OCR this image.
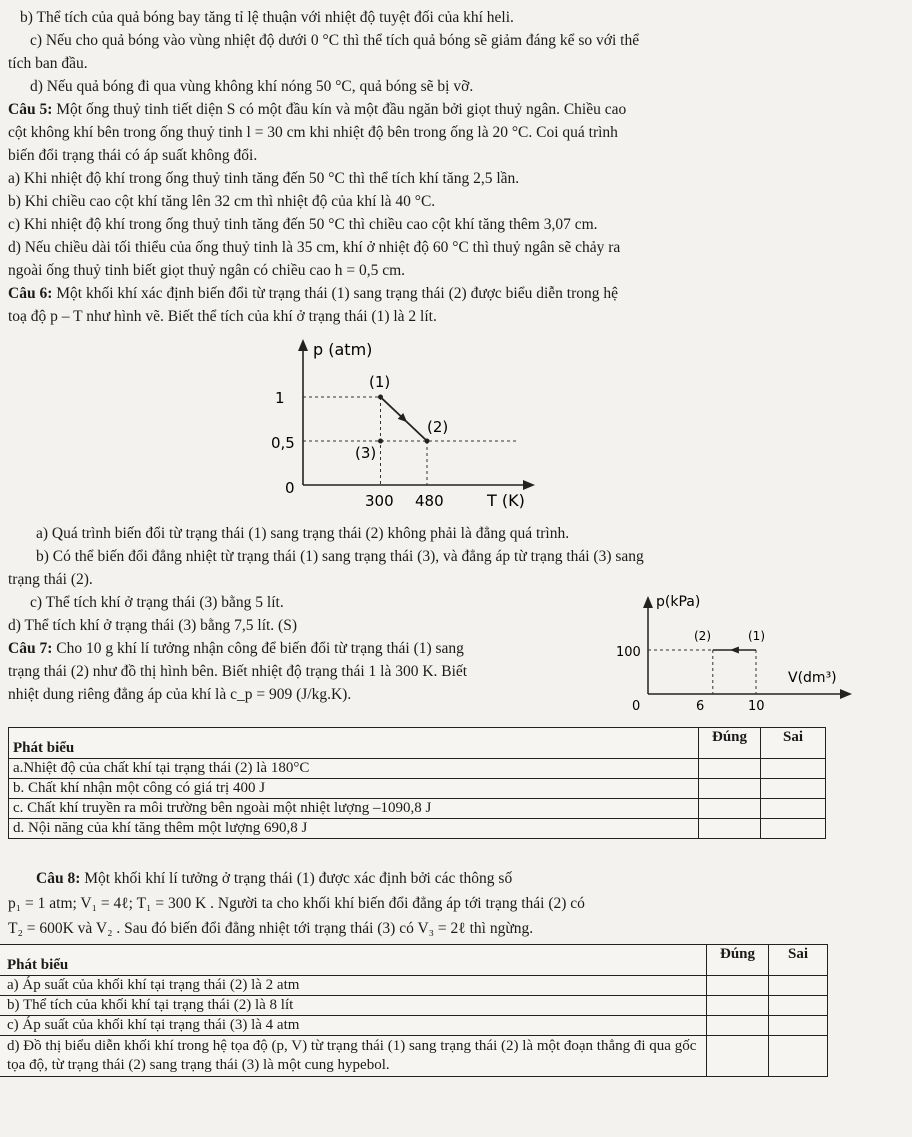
b) Thể tích của quả bóng bay tăng tỉ lệ thuận với nhiệt độ tuyệt đối của khí heli.
c) Nếu cho quả bóng vào vùng nhiệt độ dưới 0 °C thì thể tích quả bóng sẽ giảm đáng kể so với thể
tích ban đầu.
d) Nếu quả bóng đi qua vùng không khí nóng 50 °C, quả bóng sẽ bị vỡ.
Câu 5: Một ống thuỷ tinh tiết diện S có một đầu kín và một đầu ngăn bởi giọt thuỷ ngân. Chiều cao
cột không khí bên trong ống thuỷ tinh l = 30 cm khi nhiệt độ bên trong ống là 20 °C. Coi quá trình
biến đổi trạng thái có áp suất không đổi.
a) Khi nhiệt độ khí trong ống thuỷ tinh tăng đến 50 °C thì thể tích khí tăng 2,5 lần.
b) Khi chiều cao cột khí tăng lên 32 cm thì nhiệt độ của khí là 40 °C.
c) Khi nhiệt độ khí trong ống thuỷ tinh tăng đến 50 °C thì chiều cao cột khí tăng thêm 3,07 cm.
d) Nếu chiều dài tối thiểu của ống thuỷ tinh là 35 cm, khí ở nhiệt độ 60 °C thì thuỷ ngân sẽ chảy ra
ngoài ống thuỷ tinh biết giọt thuỷ ngân có chiều cao h = 0,5 cm.
Câu 6: Một khối khí xác định biến đổi từ trạng thái (1) sang trạng thái (2) được biểu diễn trong hệ
toạ độ p – T như hình vẽ. Biết thể tích của khí ở trạng thái (1) là 2 lít.
p (atm)
T (K)
0
1
0,5
300 480
(1)
(2)
(3)
a) Quá trình biến đổi từ trạng thái (1) sang trạng thái (2) không phải là đẳng quá trình.
b) Có thể biến đổi đẳng nhiệt từ trạng thái (1) sang trạng thái (3), và đẳng áp từ trạng thái (3) sang
trạng thái (2).
c) Thể tích khí ở trạng thái (3) bằng 5 lít.
d) Thể tích khí ở trạng thái (3) bằng 7,5 lít. (S)
Câu 7: Cho 10 g khí lí tưởng nhận công để biến đổi từ trạng thái (1) sang
trạng thái (2) như đồ thị hình bên. Biết nhiệt độ trạng thái 1 là 300 K. Biết
nhiệt dung riêng đẳng áp của khí là c_p = 909 (J/kg.K).
p(kPa)
V(dm³)
0
100
6	10
(2)	(1)
Phát biểu	Đúng	Sai
a.Nhiệt độ của chất khí tại trạng thái (2) là 180°C		
b. Chất khí nhận một công có giá trị 400 J		
c. Chất khí truyền ra môi trường bên ngoài một nhiệt lượng –1090,8 J		
d. Nội năng của khí tăng thêm một lượng 690,8 J		
Câu 8: Một khối khí lí tưởng ở trạng thái (1) được xác định bởi các thông số
p₁ = 1 atm; V₁ = 4ℓ; T₁ = 300 K . Người ta cho khối khí biến đổi đẳng áp tới trạng thái (2) có
T₂ = 600K và V₂ . Sau đó biến đổi đẳng nhiệt tới trạng thái (3) có V₃ = 2ℓ thì ngừng.
Phát biểu	Đúng	Sai
a) Áp suất của khối khí tại trạng thái (2) là 2 atm		
b) Thể tích của khối khí tại trạng thái (2) là 8 lít		
c) Áp suất của khối khí tại trạng thái (3) là 4 atm		
d) Đồ thị biểu diễn khối khí trong hệ tọa độ (p, V) từ trạng thái (1) sang trạng thái (2) là một đoạn thẳng đi qua gốc tọa độ, từ trạng thái (2) sang trạng thái (3) là một cung hypebol.		
